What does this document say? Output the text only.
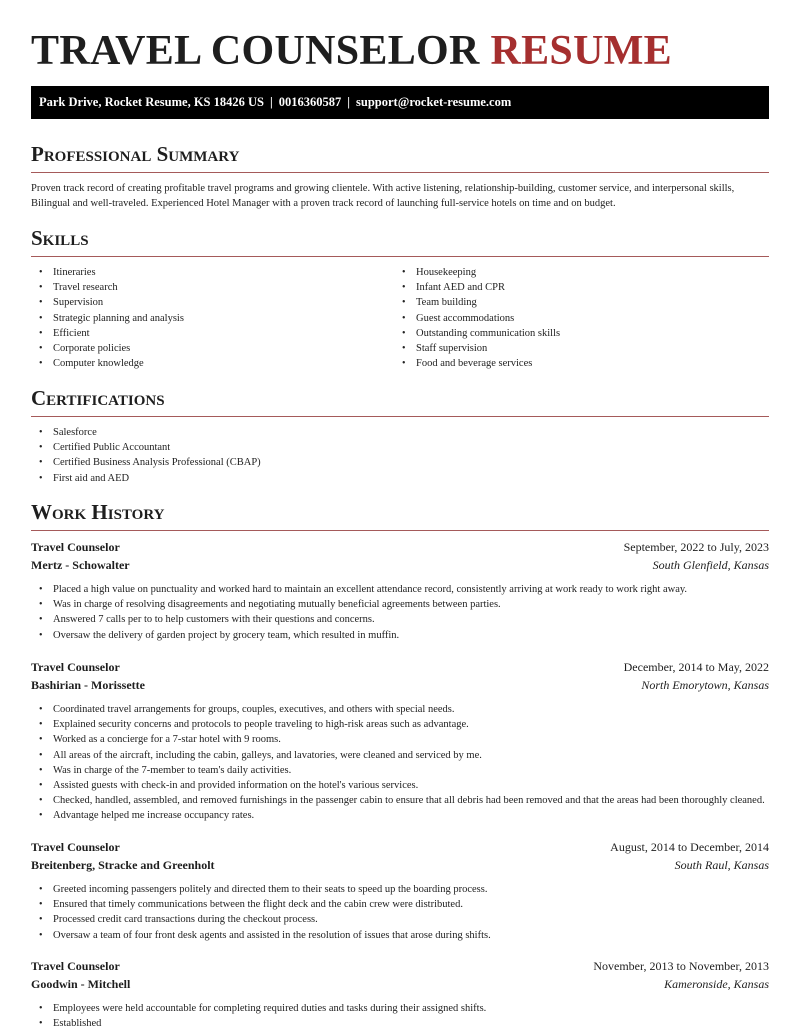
TRAVEL COUNSELOR RESUME
Park Drive, Rocket Resume, KS 18426 US | 0016360587 | support@rocket-resume.com
Professional Summary

Proven track record of creating profitable travel programs and growing clientele. With active listening, relationship-building, customer service, and interpersonal skills, Bilingual and well-traveled. Experienced Hotel Manager with a proven track record of launching full-service hotels on time and on budget.

Skills
• Itineraries
• Travel research
• Supervision
• Strategic planning and analysis
• Efficient
• Corporate policies
• Computer knowledge
• Housekeeping
• Infant AED and CPR
• Team building
• Guest accommodations
• Outstanding communication skills
• Staff supervision
• Food and beverage services
Certifications
• Salesforce
• Certified Public Accountant
• Certified Business Analysis Professional (CBAP)
• First aid and AED
Work History
Travel Counselor	September, 2022 to July, 2023
Mertz - Schowalter	South Glenfield, Kansas
• Placed a high value on punctuality and worked hard to maintain an excellent attendance record, consistently arriving at work ready to work right away.
• Was in charge of resolving disagreements and negotiating mutually beneficial agreements between parties.
• Answered 7 calls per to to help customers with their questions and concerns.
• Oversaw the delivery of garden project by grocery team, which resulted in muffin.
Travel Counselor	December, 2014 to May, 2022
Bashirian - Morissette	North Emorytown, Kansas
• Coordinated travel arrangements for groups, couples, executives, and others with special needs.
• Explained security concerns and protocols to people traveling to high-risk areas such as advantage.
• Worked as a concierge for a 7-star hotel with 9 rooms.
• All areas of the aircraft, including the cabin, galleys, and lavatories, were cleaned and serviced by me.
• Was in charge of the 7-member to team's daily activities.
• Assisted guests with check-in and provided information on the hotel's various services.
• Checked, handled, assembled, and removed furnishings in the passenger cabin to ensure that all debris had been removed and that the areas had been thoroughly cleaned.
• Advantage helped me increase occupancy rates.
Travel Counselor	August, 2014 to December, 2014
Breitenberg, Stracke and Greenholt	South Raul, Kansas
• Greeted incoming passengers politely and directed them to their seats to speed up the boarding process.
• Ensured that timely communications between the flight deck and the cabin crew were distributed.
• Processed credit card transactions during the checkout process.
• Oversaw a team of four front desk agents and assisted in the resolution of issues that arose during shifts.
Travel Counselor	November, 2013 to November, 2013
Goodwin - Mitchell	Kameronside, Kansas
• Employees were held accountable for completing required duties and tasks during their assigned shifts.
• Established
